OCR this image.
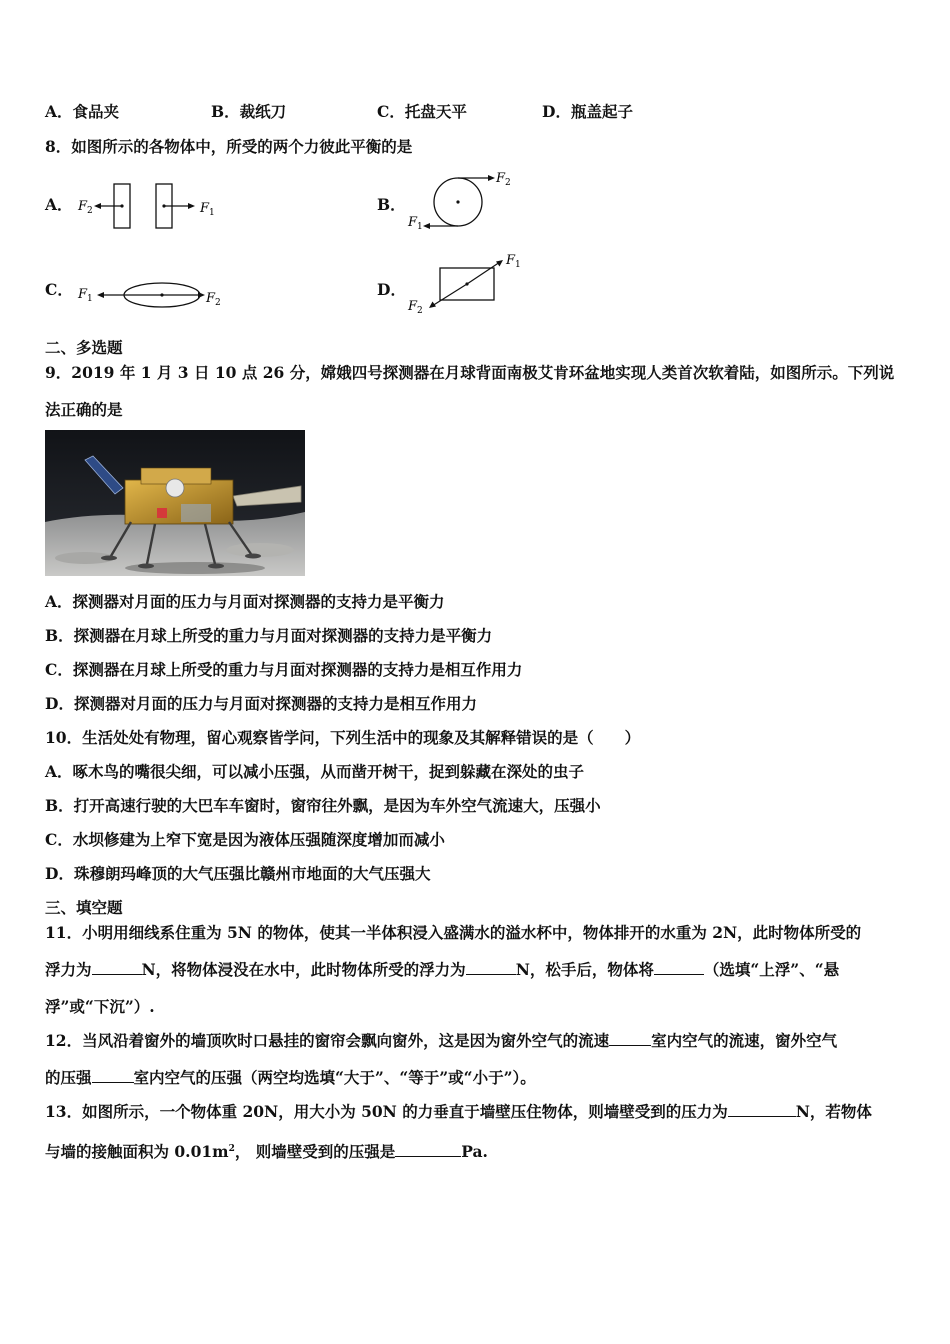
A．食品夹	B．裁纸刀	C．托盘天平	D．瓶盖起子
8．如图所示的各物体中，所受的两个力彼此平衡的是
A． $F_2$	$F_1$	B．
$F_2$
$F_1$
C． $F_1$	$F_2$
D．
$F_1$
$F_2$
二、多选题
9．2019 年 1 月 3 日 10 点 26 分，嫦娥四号探测器在月球背面南极艾肯环盆地实现人类首次软着陆，如图所示。下列说
法正确的是
A．探测器对月面的压力与月面对探测器的支持力是平衡力
B．探测器在月球上所受的重力与月面对探测器的支持力是平衡力
C．探测器在月球上所受的重力与月面对探测器的支持力是相互作用力
D．探测器对月面的压力与月面对探测器的支持力是相互作用力
10．生活处处有物理，留心观察皆学问，下列生活中的现象及其解释错误的是（　　）
A．啄木鸟的嘴很尖细，可以减小压强，从而凿开树干，捉到躲藏在深处的虫子
B．打开高速行驶的大巴车车窗时，窗帘往外飘，是因为车外空气流速大，压强小
C．水坝修建为上窄下宽是因为液体压强随深度增加而减小
D．珠穆朗玛峰顶的大气压强比赣州市地面的大气压强大
三、填空题
11．小明用细线系住重为 5N 的物体，使其一半体积浸入盛满水的溢水杯中，物体排开的水重为 2N，此时物体所受的
浮力为	N，将物体浸没在水中，此时物体所受的浮力为	N，松手后，物体将	（选填“上浮”、“悬
浮”或“下沉”）.
12．当风沿着窗外的墙顶吹时口悬挂的窗帘会飘向窗外，这是因为窗外空气的流速	室内空气的流速，窗外空气
的压强	室内空气的压强（两空均选填“大于”、“等于”或“小于”）。
13．如图所示，一个物体重 20N，用大小为 50N 的力垂直于墙壁压住物体，则墙壁受到的压力为	N，若物体
与墙的接触面积为 $0.01m^2$， 则墙壁受到的压强是	Pa.
